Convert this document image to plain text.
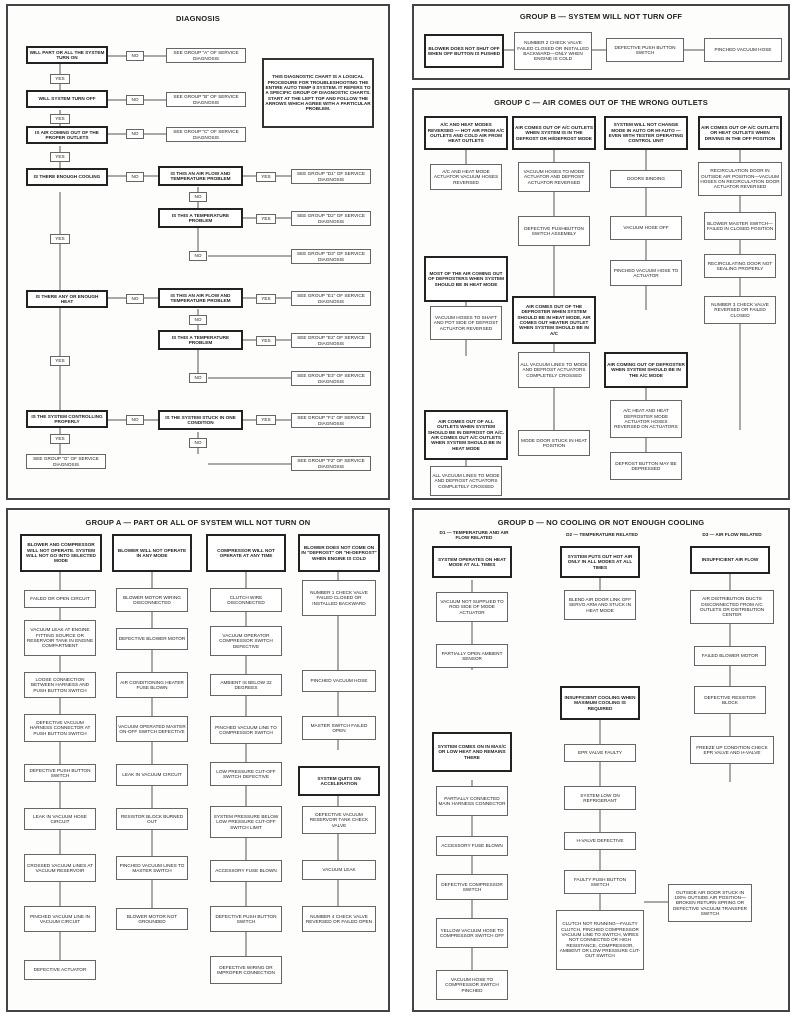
DIAGNOSIS
WILL PART OR ALL THE SYSTEM TURN ON	NO
SEE GROUP "A" OF SERVICE DIAGNOSIS
YES
WILL SYSTEM TURN OFF	NO
SEE GROUP "B" OF SERVICE DIAGNOSIS
YES
IS AIR COMING OUT OF THE PROPER OUTLETS
NO	SEE GROUP "C" OF SERVICE DIAGNOSIS
YES
THIS DIAGNOSTIC CHART IS A LOGICAL PROCEDURE FOR TROUBLESHOOTING THE ENTIRE AUTO TEMP II SYSTEM. IT REFERS TO A SPECIFIC GROUP OF DIAGNOSTIC CHARTS. START AT THE LEFT TOP AND FOLLOW THE ARROWS WHICH AGREE WITH A PARTICULAR PROBLEM.
IS THERE ENOUGH COOLING	NO
IS THIS AN AIR FLOW AND TEMPERATURE PROBLEM	YES
SEE GROUP "D1" OF SERVICE DIAGNOSIS
NO
IS THIS A TEMPERATURE PROBLEM	YES
SEE GROUP "D2" OF SERVICE DIAGNOSIS
NO	SEE GROUP "D3" OF SERVICE DIAGNOSIS
YES
IS THERE ANY OR ENOUGH HEAT
NO
IS THIS AN AIR FLOW AND TEMPERATURE PROBLEM	YES
SEE GROUP "E1" OF SERVICE DIAGNOSIS
NO
IS THIS A TEMPERATURE PROBLEM	YES
SEE GROUP "E2" OF SERVICE DIAGNOSIS
NO	SEE GROUP "E3" OF SERVICE DIAGNOSIS
YES
IS THE SYSTEM CONTROLLING PROPERLY	NO
IS THE SYSTEM STUCK IN ONE CONDITION
YES	SEE GROUP "F1" OF SERVICE DIAGNOSIS
NO
SEE GROUP "F2" OF SERVICE DIAGNOSIS
YES
SEE GROUP "G" OF SERVICE DIAGNOSIS
GROUP B — SYSTEM WILL NOT TURN OFF
BLOWER DOES NOT SHUT OFF WHEN OFF BUTTON IS PUSHED
NUMBER 2 CHECK VALVE FAILED CLOSED OR INSTALLED BACKWARD—ONLY WHEN ENGINE IS COLD
DEFECTIVE PUSH BUTTON SWITCH
PINCHED VACUUM HOSE
GROUP C — AIR COMES OUT OF THE WRONG OUTLETS
A/C AND HEAT MODES REVERSED — HOT AIR FROM A/C OUTLETS AND COLD AIR FROM HEAT OUTLETS
AIR COMES OUT OF A/C OUTLETS WHEN SYSTEM IS IN THE DEFROST OR HI/DEFROST MODE
SYSTEM WILL NOT CHANGE MODE IN AUTO OR HI-AUTO — EVEN WITH TESTER OPERATING CONTROL UNIT
AIR COMES OUT OF A/C OUTLETS OR HEAT OUTLETS WHEN DRIVING IN THE OFF POSITION
A/C AND HEAT MODE ACTUATOR VACUUM HOSES REVERSED
VACUUM HOSES TO MODE ACTUATOR AND DEFROST ACTUATOR REVERSED
DEFECTIVE PUSHBUTTON SWITCH ASSEMBLY
DOORS BINDING
VACUUM HOSE OFF
PINCHED VACUUM HOSE TO ACTUATOR
RECIRCULATION DOOR IN OUTSIDE AIR POSITION—VACUUM HOSES ON RECIRCULATION DOOR ACTUATOR REVERSED
BLOWER MASTER SWITCH—FAILED IN CLOSED POSITION
RECIRCULATING DOOR NOT SEALING PROPERLY
NUMBER 3 CHECK VALVE REVERSED OR FAILED CLOSED
MOST OF THE AIR COMING OUT OF DEFROSTERS WHEN SYSTEM SHOULD BE IN HEAT MODE
VACUUM HOSES TO SHAFT AND POT SIDE OF DEFROST ACTUATOR REVERSED
AIR COMES OUT OF THE DEFROSTER WHEN SYSTEM SHOULD BE IN HEAT MODE, AIR COMES OUT HEATER OUTLET WHEN SYSTEM SHOULD BE IN A/C
ALL VACUUM LINES TO MODE AND DEFROST ACTUATORS COMPLETELY CROSSED
MODE DOOR STUCK IN HEAT POSITION
AIR COMING OUT OF DEFROSTER WHEN SYSTEM SHOULD BE IN THE A/C MODE
A/C HEAT AND HEAT DEFROSTER MODE ACTUATOR HOSES REVERSED ON ACTUATORS
DEFROST BUTTON MAY BE DEPRESSED
AIR COMES OUT OF ALL OUTLETS WHEN SYSTEM SHOULD BE IN DEFROST OR A/C. AIR COMES OUT A/C OUTLETS WHEN SYSTEM SHOULD BE IN HEAT MODE
ALL VACUUM LINES TO MODE AND DEFROST ACTUATORS COMPLETELY CROSSED
GROUP A — PART OR ALL OF SYSTEM WILL NOT TURN ON
BLOWER AND COMPRESSOR WILL NOT OPERATE. SYSTEM WILL NOT GO INTO SELECTED MODE
BLOWER WILL NOT OPERATE IN ANY MODE
COMPRESSOR WILL NOT OPERATE AT ANY TIME
BLOWER DOES NOT COME ON IN "DEFROST" OR "HI-DEFROST" WHEN ENGINE IS COLD
FAILED OR OPEN CIRCUIT
VACUUM LEAK AT ENGINE FITTING SOURCE OR RESERVOIR TANK IN ENGINE COMPARTMENT
LOOSE CONNECTION BETWEEN HARNESS AND PUSH BUTTON SWITCH
DEFECTIVE VACUUM HARNESS CONNECTOR AT PUSH BUTTON SWITCH
DEFECTIVE PUSH BUTTON SWITCH
LEAK IN VACUUM HOSE CIRCUIT
CROSSED VACUUM LINES AT VACUUM RESERVOIR
PINCHED VACUUM LINE IN VACUUM CIRCUIT
DEFECTIVE ACTUATOR
BLOWER MOTOR WIRING DISCONNECTED
DEFECTIVE BLOWER MOTOR
AIR CONDITIONING HEATER FUSE BLOWN
VACUUM OPERATED MASTER ON-OFF SWITCH DEFECTIVE
LEAK IN VACUUM CIRCUIT
RESISTOR BLOCK BURNED OUT
PINCHED VACUUM LINES TO MASTER SWITCH
BLOWER MOTOR NOT GROUNDED
CLUTCH WIRE DISCONNECTED
VACUUM OPERATOR COMPRESSOR SWITCH DEFECTIVE
AMBIENT IS BELOW 32 DEGREES
PINCHED VACUUM LINE TO COMPRESSOR SWITCH
LOW PRESSURE CUT-OFF SWITCH DEFECTIVE
SYSTEM PRESSURE BELOW LOW PRESSURE CUT-OFF SWITCH LIMIT
ACCESSORY FUSE BLOWN
DEFECTIVE PUSH BUTTON SWITCH
DEFECTIVE WIRING OR IMPROPER CONNECTION
NUMBER 1 CHECK VALVE FAILED CLOSED OR INSTALLED BACKWARD
PINCHED VACUUM HOSE
MASTER SWITCH FAILED OPEN
SYSTEM QUITS ON ACCELERATION
DEFECTIVE VACUUM RESERVOIR TANK CHECK VALVE
VACUUM LEAK
NUMBER 4 CHECK VALVE REVERSED OR FAILED OPEN
GROUP D — NO COOLING OR NOT ENOUGH COOLING
D1 — TEMPERATURE AND AIR FLOW RELATED
D2 — TEMPERATURE RELATED	D3 — AIR FLOW RELATED
SYSTEM OPERATES ON HEAT MODE AT ALL TIMES
VACUUM NOT SUPPLIED TO ROD SIDE OF MODE ACTUATOR
PARTIALLY OPEN AMBIENT SENSOR
SYSTEM PUTS OUT HOT AIR ONLY IN ALL MODES AT ALL TIMES
BLEND AIR DOOR LINK OFF SERVO ARM AND STUCK IN HEAT MODE
INSUFFICIENT AIR FLOW
AIR DISTRIBUTION DUCTS DISCONNECTED FROM A/C OUTLETS OR DISTRIBUTION CENTER
FAILED BLOWER MOTOR
DEFECTIVE RESISTOR BLOCK
FREEZE UP CONDITION CHECK EPR VALVE AND H-VALVE
INSUFFICIENT COOLING WHEN MAXIMUM COOLING IS REQUIRED
EPR VALVE FAULTY
SYSTEM LOW ON REFRIGERANT
H-VALVE DEFECTIVE
FAULTY PUSH BUTTON SWITCH
CLUTCH NOT RUNNING—FAULTY CLUTCH, PINCHED COMPRESSOR VACUUM LINE TO SWITCH, WIRES NOT CONNECTED OR HIGH RESISTANCE, COMPRESSOR, AMBIENT OR LOW PRESSURE CUT-OUT SWITCH
OUTSIDE AIR DOOR STUCK IN 100% OUTSIDE AIR POSITION—BROKEN RETURN SPRING OR DEFECTIVE VACUUM TRANSFER SWITCH
SYSTEM COMES ON IN MAX/C OR LOW HEAT AND REMAINS THERE
PARTIALLY CONNECTED MAIN HARNESS CONNECTOR
ACCESSORY FUSE BLOWN
DEFECTIVE COMPRESSOR SWITCH
YELLOW VACUUM HOSE TO COMPRESSOR SWITCH OFF
VACUUM HOSE TO COMPRESSOR SWITCH PINCHED
